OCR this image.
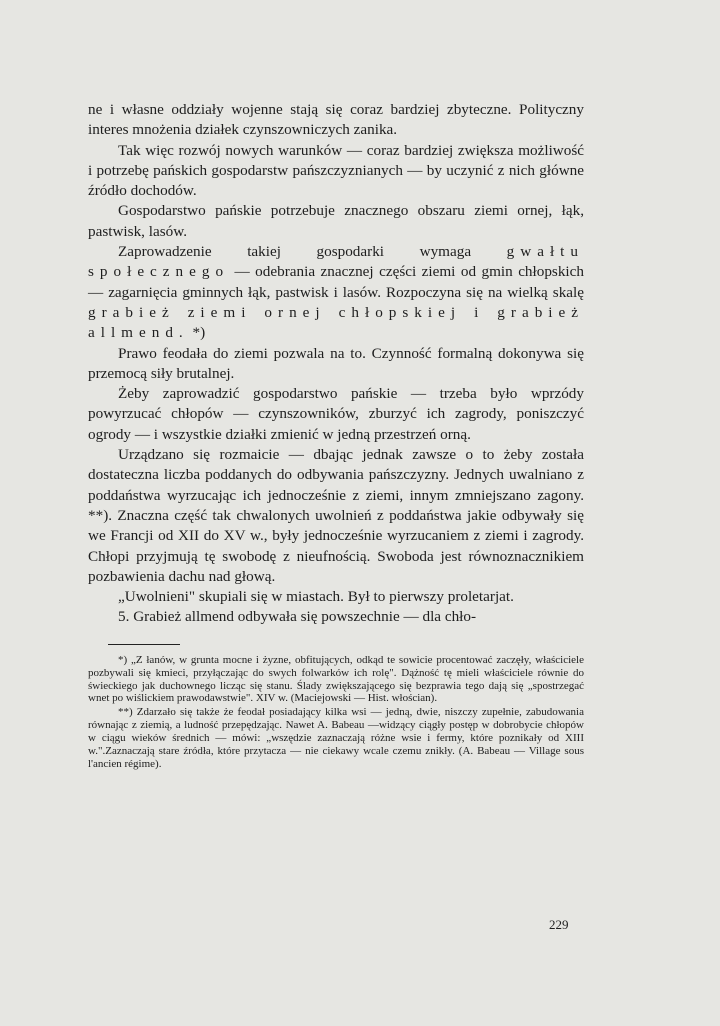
ne i własne oddziały wojenne stają się coraz bardziej zbyteczne. Polityczny interes mnożenia działek czynszowniczych zanika.

Tak więc rozwój nowych warunków — coraz bardziej zwiększa możliwość i potrzebę pańskich gospodarstw pańszczyznianych — by uczynić z nich główne źródło dochodów.

Gospodarstwo pańskie potrzebuje znacznego obszaru ziemi ornej, łąk, pastwisk, lasów.

Zaprowadzenie takiej gospodarki wymaga gwałtu społecznego — odebrania znacznej części ziemi od gmin chłopskich — zagarnięcia gminnych łąk, pastwisk i lasów. Rozpoczyna się na wielką skalę grabież ziemi ornej chłopskiej i grabież allmend. *)

Prawo feodała do ziemi pozwala na to. Czynność formalną dokonywa się przemocą siły brutalnej.

Żeby zaprowadzić gospodarstwo pańskie — trzeba było wprzódy powyrzucać chłopów — czynszowników, zburzyć ich zagrody, poniszczyć ogrody — i wszystkie działki zmienić w jedną przestrzeń orną.

Urządzano się rozmaicie — dbając jednak zawsze o to żeby została dostateczna liczba poddanych do odbywania pańszczyzny. Jednych uwalniano z poddaństwa wyrzucając ich jednocześnie z ziemi, innym zmniejszano zagony. **). Znaczna część tak chwalonych uwolnień z poddaństwa jakie odbywały się we Francji od XII do XV w., były jednocześnie wyrzucaniem z ziemi i zagrody. Chłopi przyjmują tę swobodę z nieufnością. Swoboda jest równoznacznikiem pozbawienia dachu nad głową.

„Uwolnieni" skupiali się w miastach. Był to pierwszy proletarjat.

5. Grabież allmend odbywała się powszechnie — dla chło-

*) „Z łanów, w grunta mocne i żyzne, obfitujących, odkąd te sowicie procentować zaczęły, właściciele pozbywali się kmieci, przyłączając do swych folwarków ich rolę". Dążność tę mieli właściciele równie do świeckiego jak duchownego licząc się stanu. Ślady zwiększającego się bezprawia tego dają się „spostrzegać wnet po wiślickiem prawodawstwie". XIV w. (Maciejowski — Hist. włościan).

**) Zdarzało się także że feodał posiadający kilka wsi — jedną, dwie, niszczy zupełnie, zabudowania równając z ziemią, a ludność przepędzając. Nawet A. Babeau —widzący ciągły postęp w dobrobycie chłopów w ciągu wieków średnich — mówi: „wszędzie zaznaczają różne wsie i fermy, które poznikały od XIII w.".Zaznaczają stare źródła, które przytacza — nie ciekawy wcale czemu znikły. (A. Babeau — Village sous l'ancien régime).

229
